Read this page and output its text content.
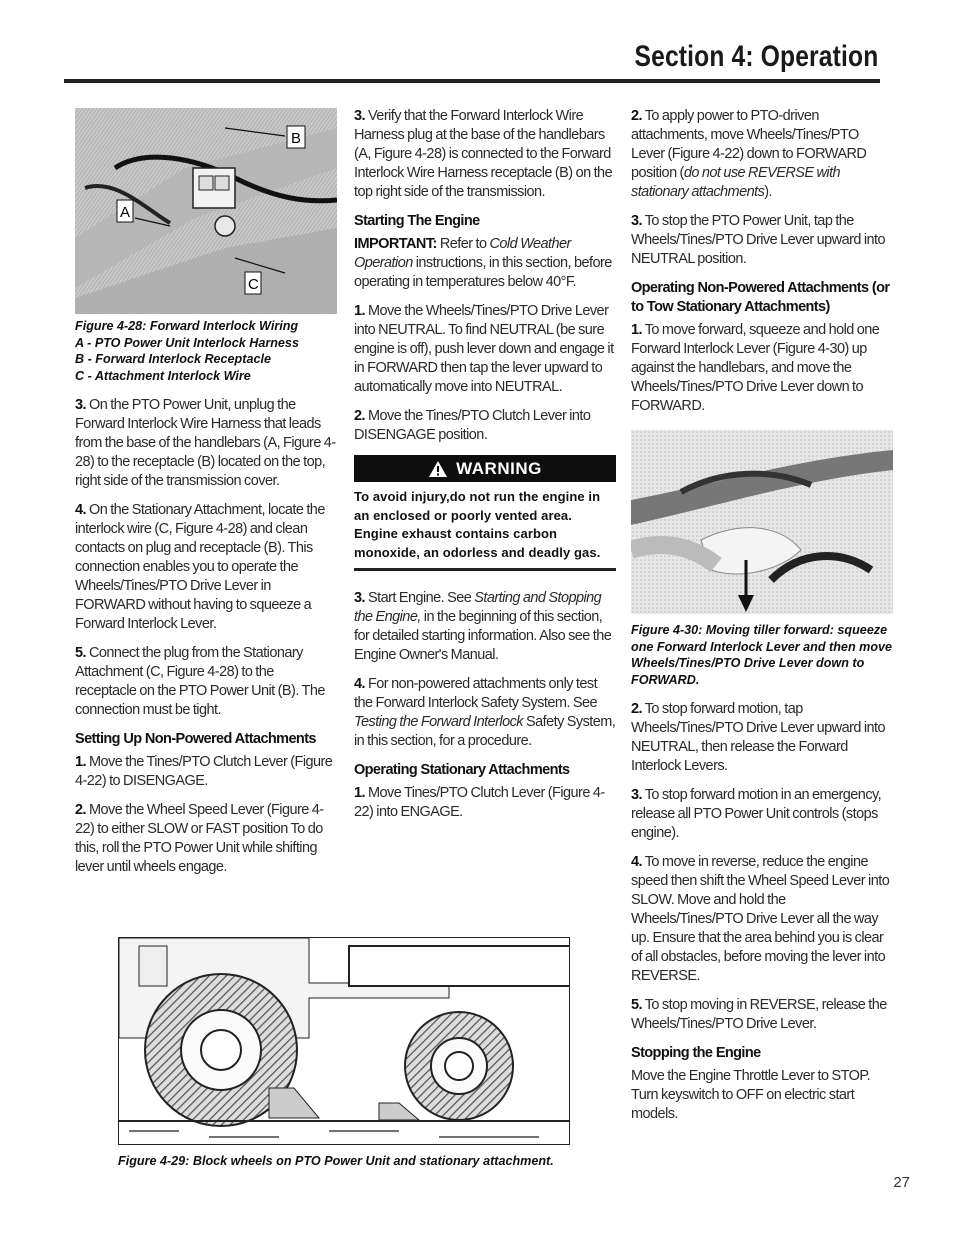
Section 4: Operation
A
B
C
Figure 4-28: Forward Interlock Wiring
A - PTO Power Unit Interlock Harness
B - Forward Interlock Receptacle
C - Attachment Interlock Wire

3. On the PTO Power Unit, unplug the Forward Interlock Wire Harness that leads from the base of the handlebars (A, Figure 4-28) to the receptacle (B) located on the top, right side of the transmission cover.

4. On the Stationary Attachment, locate the interlock wire (C, Figure 4-28) and clean contacts on plug and receptacle (B). This connection enables you to operate the Wheels/Tines/PTO Drive Lever in FORWARD without having to squeeze a Forward Interlock Lever.

5. Connect the plug from the Stationary Attachment (C, Figure 4-28) to the receptacle on the PTO Power Unit (B). The connection must be tight.

Setting Up Non-Powered Attachments

1. Move the Tines/PTO Clutch Lever (Figure 4-22) to DISENGAGE.

2. Move the Wheel Speed Lever (Figure 4-22) to either SLOW or FAST position To do this, roll the PTO Power Unit while shifting lever until wheels engage.

3. Verify that the Forward Interlock Wire Harness plug at the base of the handlebars (A, Figure 4-28) is connected to the Forward Interlock Wire Harness receptacle (B) on the top right side of the transmission.

Starting The Engine

IMPORTANT: Refer to Cold Weather Operation instructions, in this section, before operating in temperatures below 40°F.

1. Move the Wheels/Tines/PTO Drive Lever into NEUTRAL. To find NEUTRAL (be sure engine is off), push lever down and engage it in FORWARD then tap the lever upward to automatically move into NEUTRAL.

2. Move the Tines/PTO Clutch Lever into DISENGAGE position.

WARNING
To avoid injury,do not run the engine in an enclosed or poorly vented area. Engine exhaust contains carbon monoxide, an odorless and deadly gas.

3. Start Engine. See Starting and Stopping the Engine, in the beginning of this section, for detailed starting information. Also see the Engine Owner's Manual.

4. For non-powered attachments only test the Forward Interlock Safety System. See Testing the Forward Interlock Safety System, in this section, for a procedure.

Operating Stationary Attachments

1. Move Tines/PTO Clutch Lever (Figure 4-22) into ENGAGE.

2. To apply power to PTO-driven attachments, move Wheels/Tines/PTO Lever (Figure 4-22) down to FORWARD position (do not use REVERSE with stationary attachments).

3. To stop the PTO Power Unit, tap the Wheels/Tines/PTO Drive Lever upward into NEUTRAL position.

Operating Non-Powered Attachments (or to Tow Stationary Attachments)

1. To move forward, squeeze and hold one Forward Interlock Lever (Figure 4-30) up against the handlebars, and move the Wheels/Tines/PTO Drive Lever down to FORWARD.

Figure 4-30: Moving tiller forward: squeeze one Forward Interlock Lever and then move Wheels/Tines/PTO Drive Lever down to FORWARD.

2. To stop forward motion, tap Wheels/Tines/PTO Drive Lever upward into NEUTRAL, then release the Forward Interlock Levers.

3. To stop forward motion in an emergency, release all PTO Power Unit controls (stops engine).

4. To move in reverse, reduce the engine speed then shift the Wheel Speed Lever into SLOW. Move and hold the Wheels/Tines/PTO Drive Lever all the way up. Ensure that the area behind you is clear of all obstacles, before moving the lever into REVERSE.

5. To stop moving in REVERSE, release the Wheels/Tines/PTO Drive Lever.

Stopping the Engine

Move the Engine Throttle Lever to STOP. Turn keyswitch to OFF on electric start models.

Figure 4-29: Block wheels on PTO Power Unit and stationary attachment.
27
